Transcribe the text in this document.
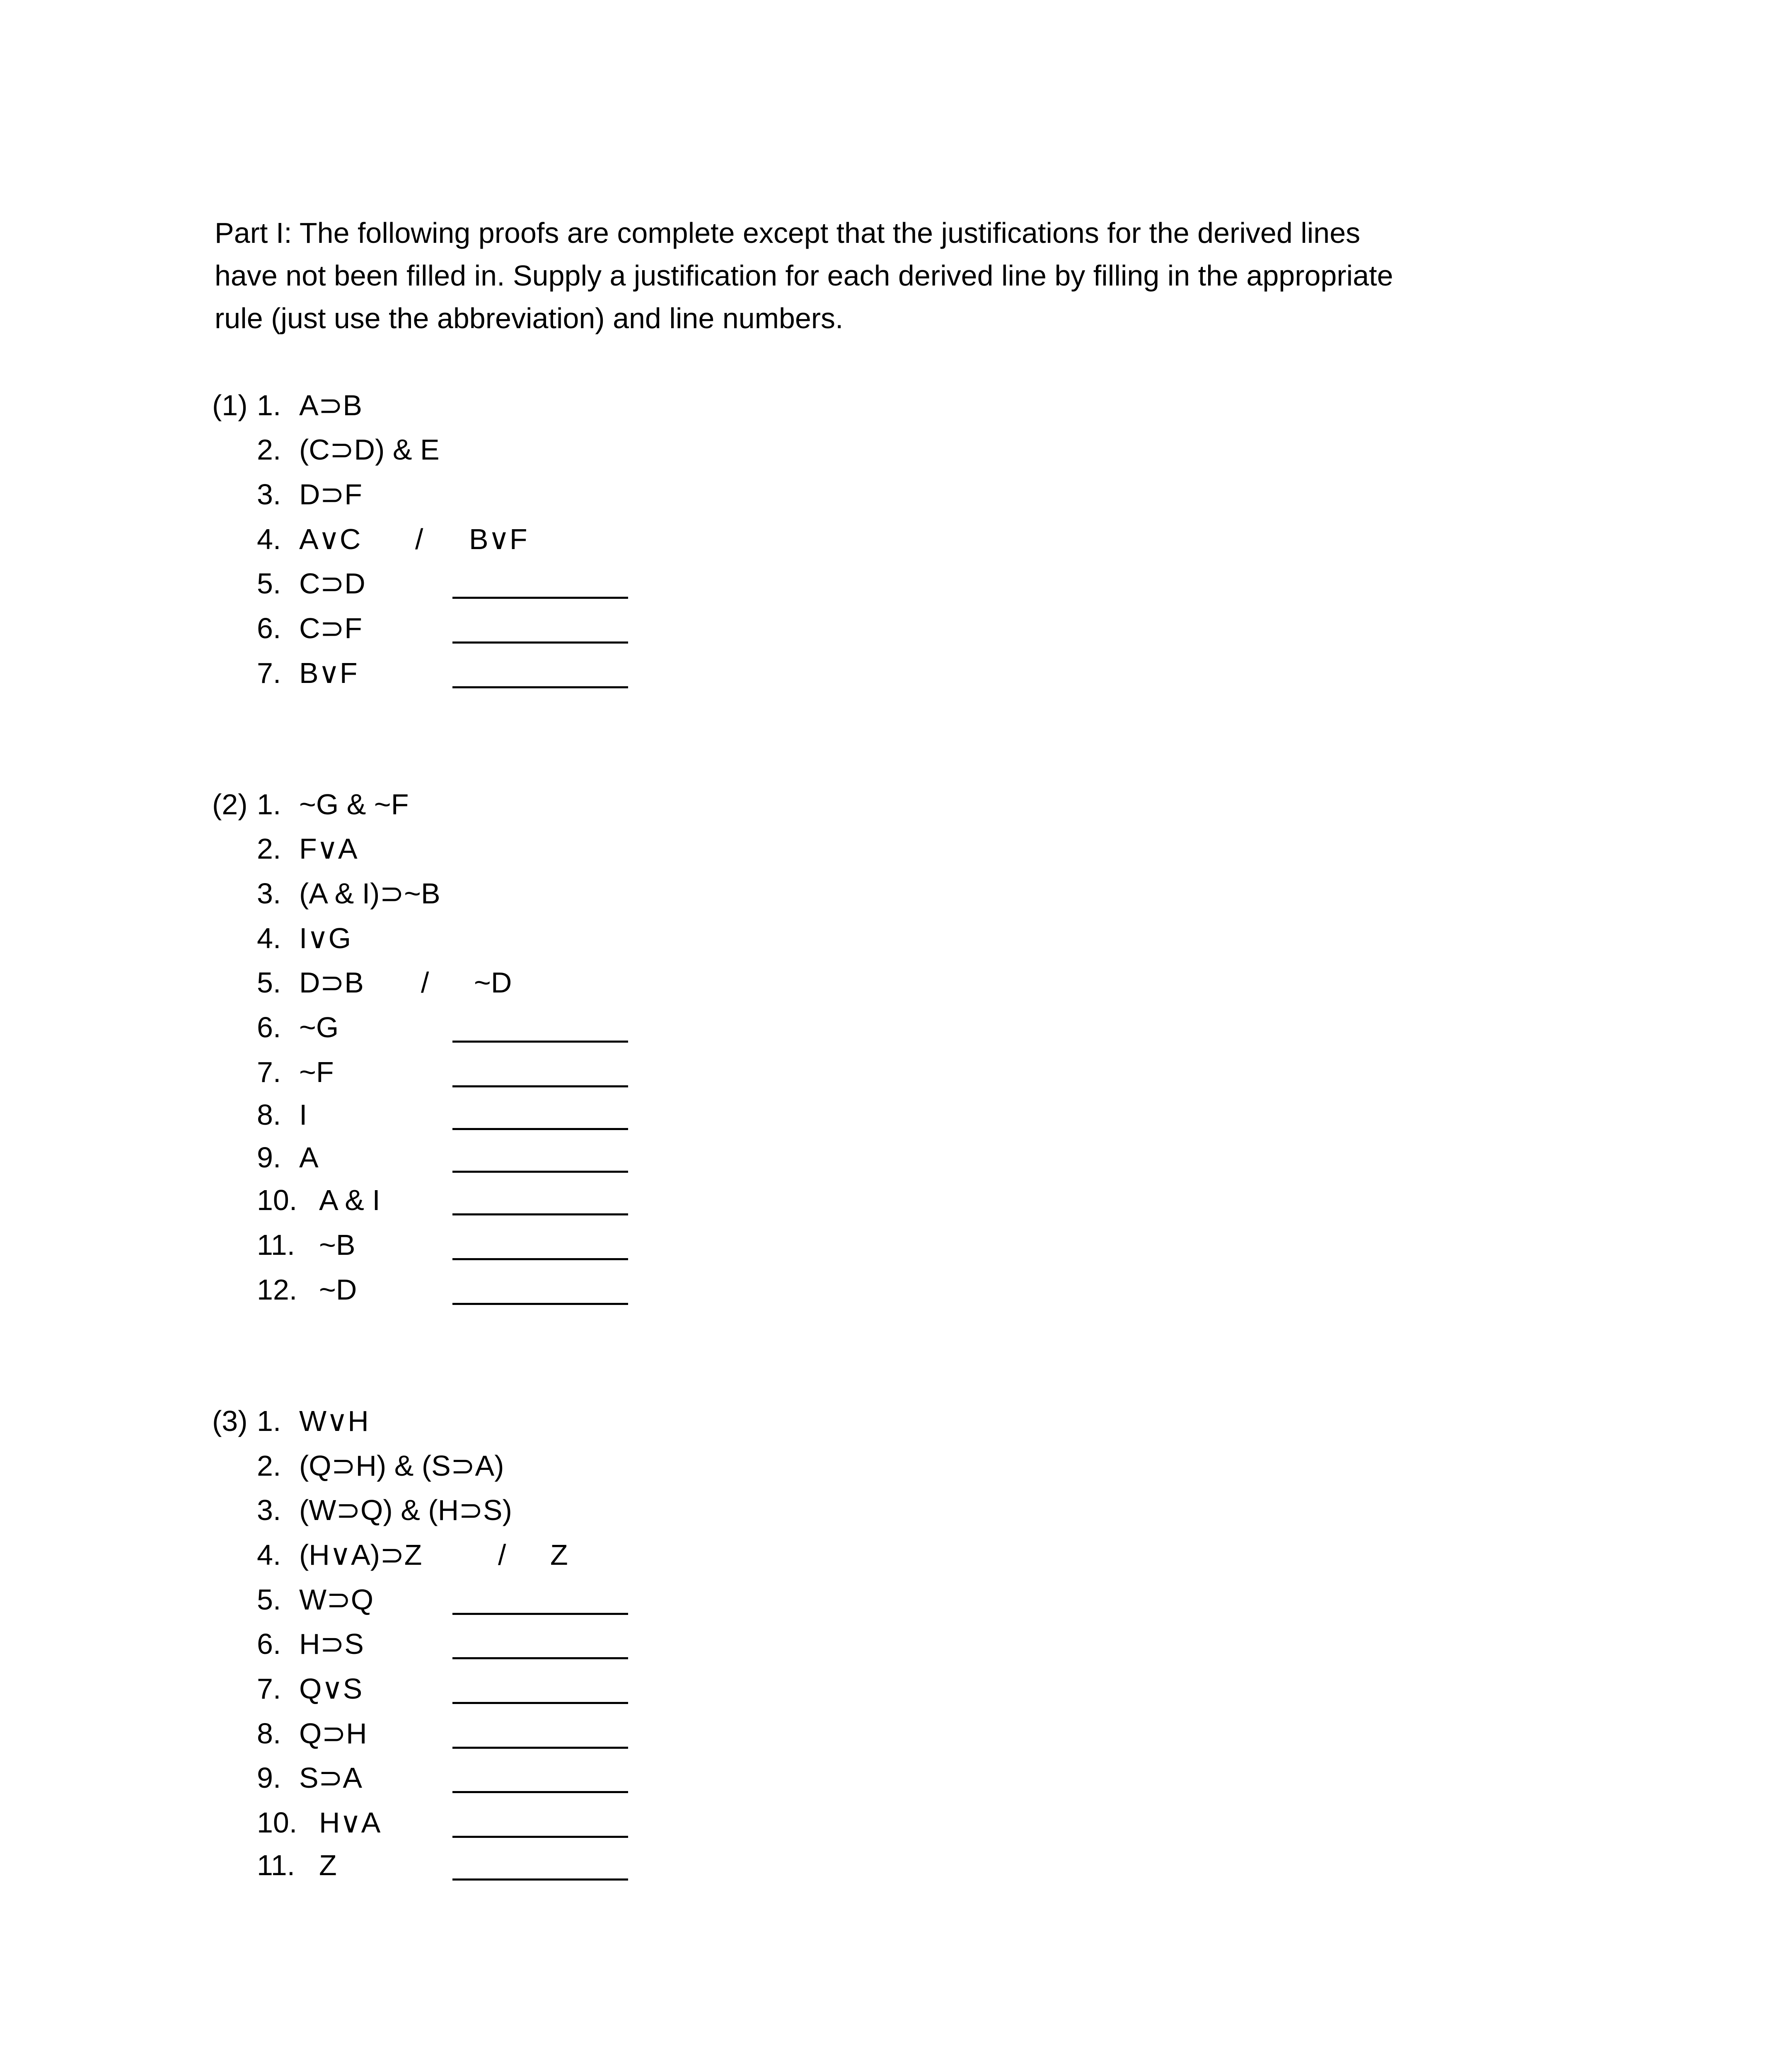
Part I: The following proofs are complete except that the justifications for the derived lines
have not been filled in. Supply a justification for each derived line by filling in the appropriate
rule (just use the abbreviation) and line numbers.
(1) 1. A⊃B
2. (C⊃D) & E
3. D⊃F
4. A∨C / B∨F
5. C⊃D
6. C⊃F
7. B∨F
(2) 1. ~G & ~F
2. F∨A
3. (A & I)⊃~B
4. I∨G
5. D⊃B / ~D
6. ~G
7. ~F
8. I
9. A
10. A & I
11. ~B
12. ~D
(3) 1. W∨H
2. (Q⊃H) & (S⊃A)
3. (W⊃Q) & (H⊃S)
4. (H∨A)⊃Z	/ Z
5. W⊃Q
6. H⊃S
7. Q∨S
8. Q⊃H
9. S⊃A
10. H∨A
11. Z
